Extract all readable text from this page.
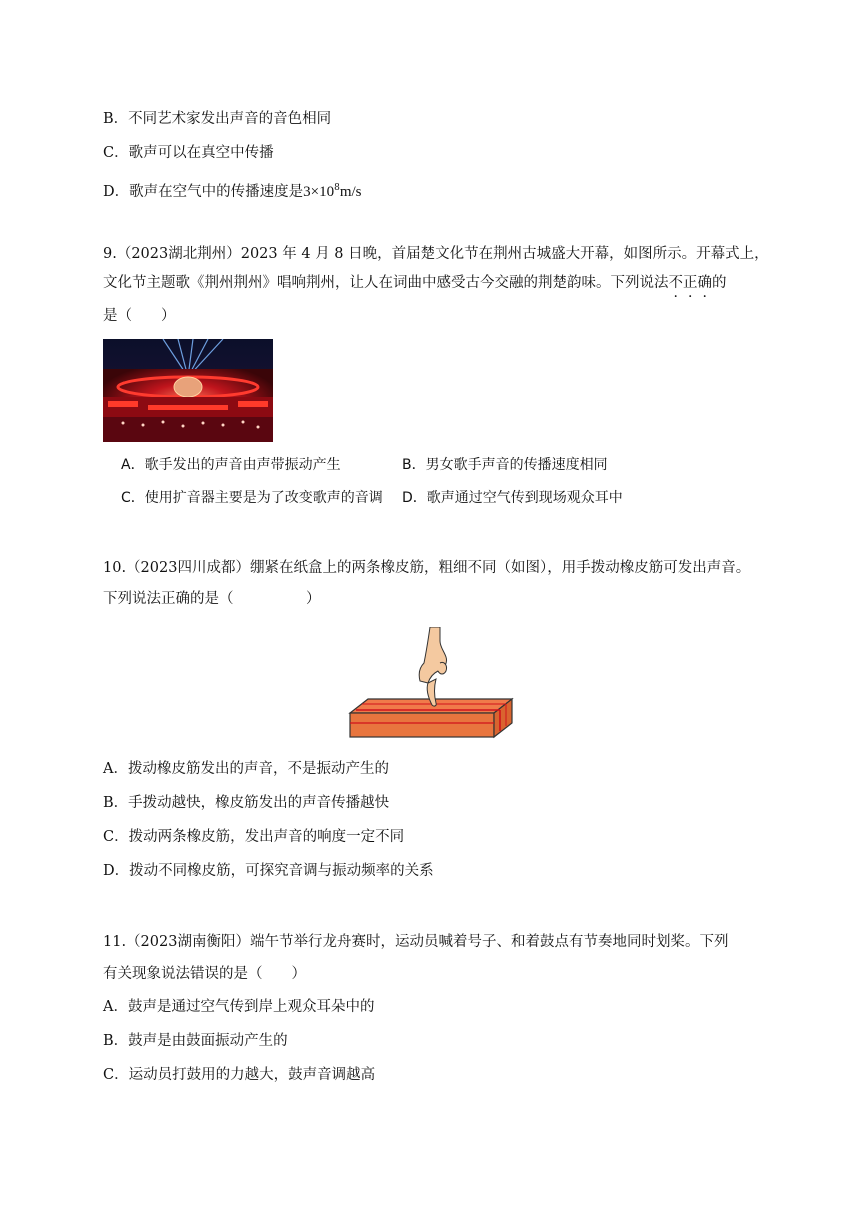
B．不同艺术家发出声音的音色相同
C．歌声可以在真空中传播
D．歌声在空气中的传播速度是$3\times 10^8m/s$
9.（2023湖北荆州）2023 年 4 月 8 日晚，首届楚文化节在荆州古城盛大开幕，如图所示。开幕式上，
文化节主题歌《荆州荆州》唱响荆州，让人在词曲中感受古今交融的荆楚韵味。下列说法不正确的
是（　　）
A．歌手发出的声音由声带振动产生	B．男女歌手声音的传播速度相同
C．使用扩音器主要是为了改变歌声的音调 D．歌声通过空气传到现场观众耳中
10.（2023四川成都）绷紧在纸盒上的两条橡皮筋，粗细不同（如图），用手拨动橡皮筋可发出声音。
下列说法正确的是（　　　　　）
A．拨动橡皮筋发出的声音，不是振动产生的
B．手拨动越快，橡皮筋发出的声音传播越快
C．拨动两条橡皮筋，发出声音的响度一定不同
D．拨动不同橡皮筋，可探究音调与振动频率的关系
11.（2023湖南衡阳）端午节举行龙舟赛时，运动员喊着号子、和着鼓点有节奏地同时划桨。下列
有关现象说法错误的是（　　）
A．鼓声是通过空气传到岸上观众耳朵中的
B．鼓声是由鼓面振动产生的
C．运动员打鼓用的力越大，鼓声音调越高
